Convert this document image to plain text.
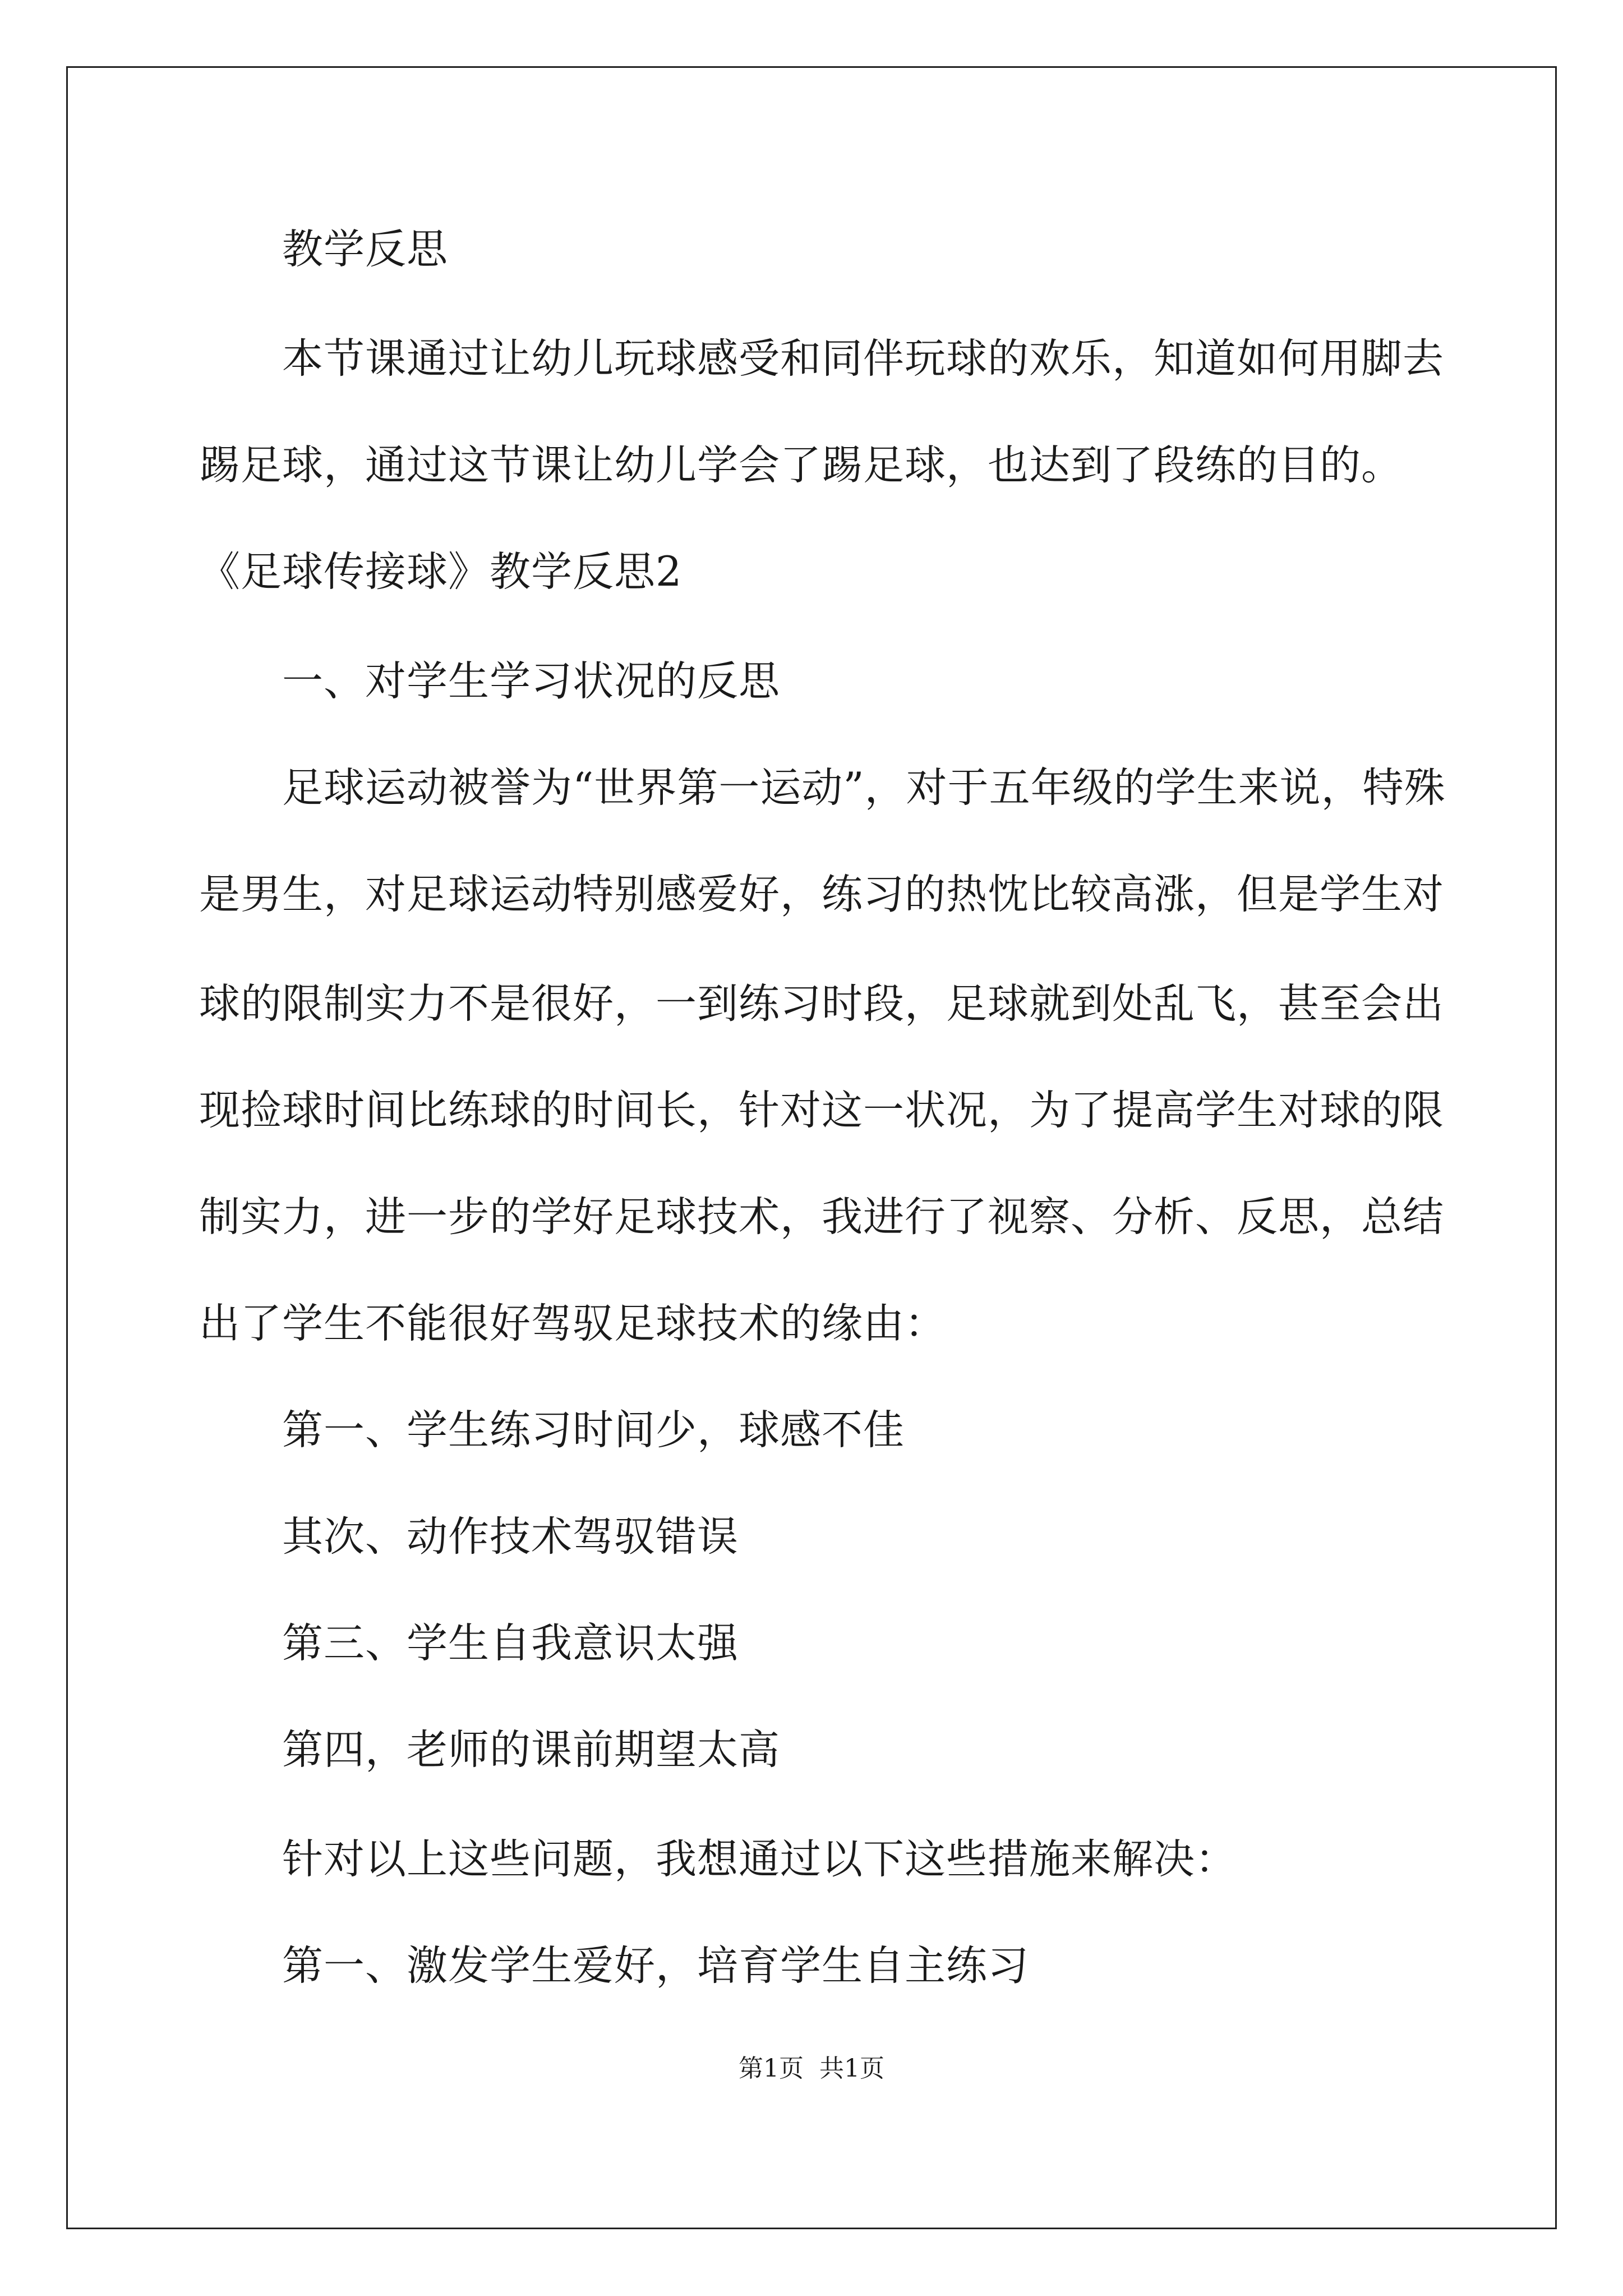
教学反思
本节课通过让幼儿玩球感受和同伴玩球的欢乐，知道如何用脚去
踢足球，通过这节课让幼儿学会了踢足球，也达到了段练的目的。
《足球传接球》教学反思2
一、对学生学习状况的反思
足球运动被誉为“世界第一运动”，对于五年级的学生来说，特殊
是男生，对足球运动特别感爱好，练习的热忱比较高涨，但是学生对
球的限制实力不是很好，一到练习时段，足球就到处乱飞，甚至会出
现捡球时间比练球的时间长，针对这一状况，为了提高学生对球的限
制实力，进一步的学好足球技术，我进行了视察、分析、反思，总结
出了学生不能很好驾驭足球技术的缘由：
第一、学生练习时间少，球感不佳
其次、动作技术驾驭错误
第三、学生自我意识太强
第四，老师的课前期望太高
针对以上这些问题，我想通过以下这些措施来解决：
第一、激发学生爱好，培育学生自主练习
第1页 共1页
